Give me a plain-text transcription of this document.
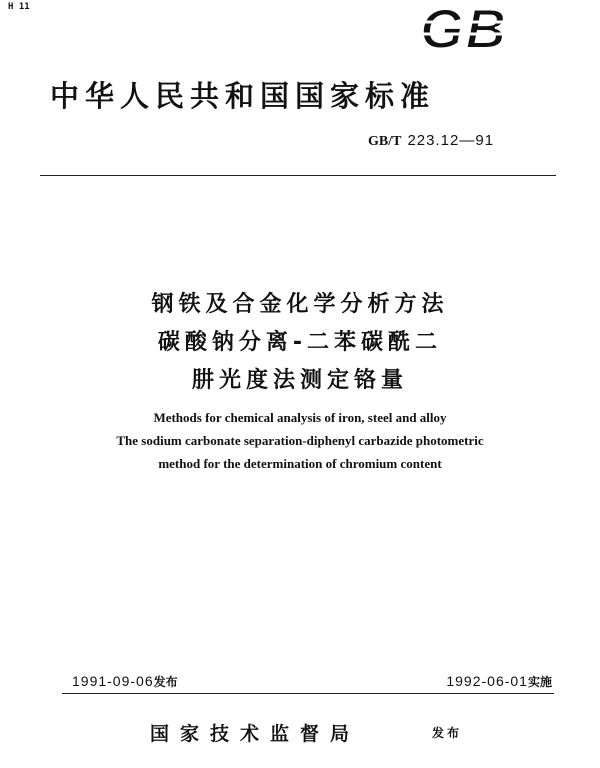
H 11	GB
中华人民共和国国家标准
GB/T 223.12—91
钢铁及合金化学分析方法
碳酸钠分离-二苯碳酰二
肼光度法测定铬量
Methods for chemical analysis of iron, steel and alloy
The sodium carbonate separation-diphenyl carbazide photometric
method for the determination of chromium content
1991-09-06发布	1992-06-01实施
国家技术监督局	发布
